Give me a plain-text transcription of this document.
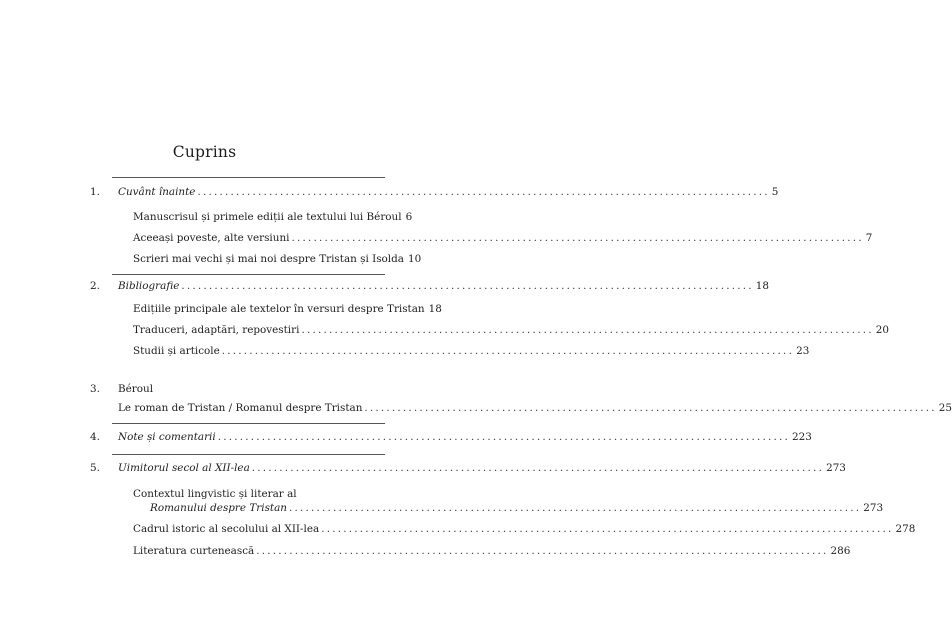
Cuprins
1. Cuvânt înainte ........................................................................................................ 5
Manuscrisul și primele ediții ale textului lui Béroul 6
Aceeași poveste, alte versiuni ........................................................................................................ 7
Scrieri mai vechi și mai noi despre Tristan și Isolda 10
2. Bibliografie ........................................................................................................ 18
Edițiile principale ale textelor în versuri despre Tristan 18
Traduceri, adaptări, repovestiri ........................................................................................................ 20
Studii și articole ........................................................................................................ 23
3. Béroul
Le roman de Tristan / Romanul despre Tristan ........................................................................................................ 25
4. Note și comentarii ........................................................................................................ 223
5. Uimitorul secol al XII-lea ........................................................................................................ 273
Contextul lingvistic și literar al
Romanului despre Tristan ........................................................................................................ 273
Cadrul istoric al secolului al XII-lea ........................................................................................................ 278
Literatura curtenească ........................................................................................................ 286
